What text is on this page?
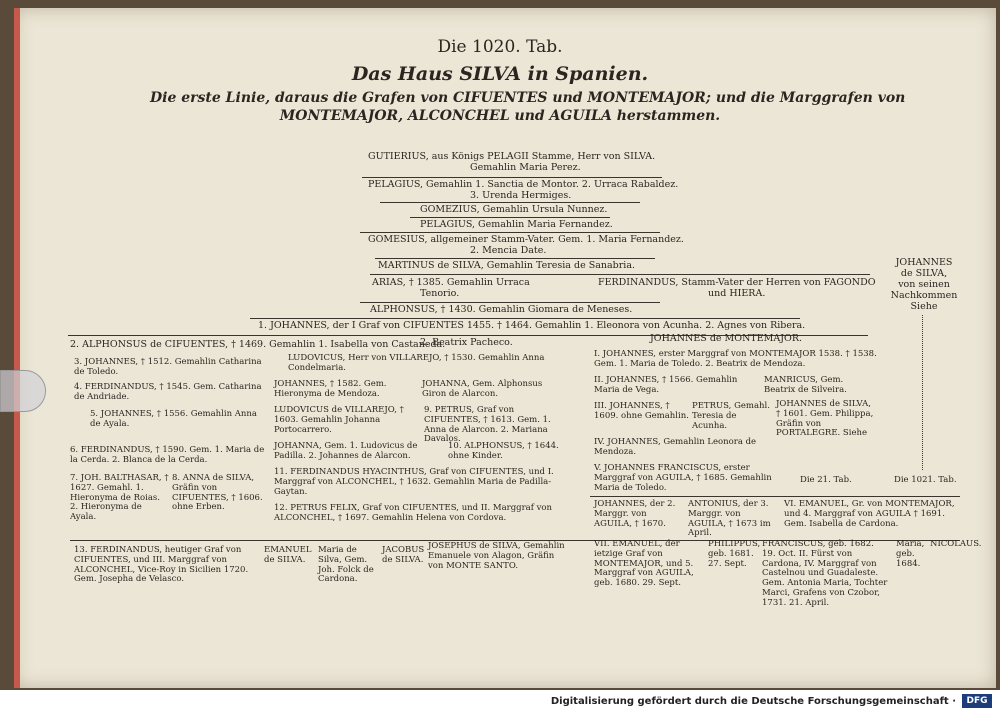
Die 1020. Tab.
Das Haus SILVA in Spanien.
Die erste Linie, daraus die Grafen von CIFUENTES und MONTEMAJOR; und die Marggrafen von
MONTEMAJOR, ALCONCHEL und AGUILA herstammen.
GUTIERIUS, aus Königs PELAGII Stamme, Herr von SILVA.
Gemahlin Maria Perez.
PELAGIUS, Gemahlin 1. Sanctia de Montor. 2. Urraca Rabaldez.
3. Urenda Hermiges.
GOMEZIUS, Gemahlin Ursula Nunnez.
PELAGIUS, Gemahlin Maria Fernandez.
GOMESIUS, allgemeiner Stamm-Vater. Gem. 1. Maria Fernandez.
2. Mencia Date.
MARTINUS de SILVA, Gemahlin Teresia de Sanabria.
ARIAS, † 1385. Gemahlin Urraca
Tenorio.
FERDINANDUS, Stamm-Vater der Herren von FAGONDO
und HIERA.
ALPHONSUS, † 1430. Gemahlin Giomara de Meneses.
1. JOHANNES, der I Graf von CIFUENTES 1455. † 1464. Gemahlin 1. Eleonora von Acunha. 2. Agnes von Ribera.
2. Beatrix Pacheco.
JOHANNES
de SILVA,
von seinen
Nachkommen
Siehe
2. ALPHONSUS de CIFUENTES, † 1469. Gemahlin 1. Isabella von Castaneda.
3. JOHANNES, † 1512. Gemahlin Catharina de Toledo.
4. FERDINANDUS, † 1545. Gem. Catharina de Andriade.
5. JOHANNES, † 1556. Gemahlin Anna de Ayala.
6. FERDINANDUS, † 1590. Gem. 1. Maria de la Cerda. 2. Blanca de la Cerda.
7. JOH. BALTHASAR, † 1627. Gemahl. 1. Hieronyma de Roias. 2. Hieronyma de Ayala.
8. ANNA de SILVA, Gräfin von CIFUENTES, † 1606. ohne Erben.
LUDOVICUS, Herr von VILLAREJO, † 1530. Gemahlin Anna Condelmaria.
JOHANNES, † 1582. Gem. Hieronyma de Mendoza.
JOHANNA, Gem. Alphonsus Giron de Alarcon.
LUDOVICUS de VILLAREJO, † 1603. Gemahlin Johanna Portocarrero.
9. PETRUS, Graf von CIFUENTES, † 1613. Gem. 1. Anna de Alarcon. 2. Mariana Davalos.
JOHANNA, Gem. 1. Ludovicus de Padilla. 2. Johannes de Alarcon.
10. ALPHONSUS, † 1644. ohne Kinder.
11. FERDINANDUS HYACINTHUS, Graf von CIFUENTES, und I. Marggraf von ALCONCHEL, † 1632. Gemahlin Maria de Padilla-Gaytan.
12. PETRUS FELIX, Graf von CIFUENTES, und II. Marggraf von ALCONCHEL, † 1697. Gemahlin Helena von Cordova.
JOHANNES de MONTEMAJOR.
I. JOHANNES, erster Marggraf von MONTEMAJOR 1538. † 1538. Gem. 1. Maria de Toledo. 2. Beatrix de Mendoza.
II. JOHANNES, † 1566. Gemahlin Maria de Vega.
MANRICUS, Gem. Beatrix de Silveira.
III. JOHANNES, † 1609. ohne Gemahlin.
PETRUS, Gemahl. Teresia de Acunha.
JOHANNES de SILVA, † 1601. Gem. Philippa, Gräfin von PORTALEGRE. Siehe
IV. JOHANNES, Gemahlin Leonora de Mendoza.
V. JOHANNES FRANCISCUS, erster Marggraf von AGUILA, † 1685. Gemahlin Maria de Toledo.
Die 21. Tab.	Die 1021. Tab.
JOHANNES, der 2. Marggr. von AGUILA, † 1670.
ANTONIUS, der 3. Marggr. von AGUILA, † 1673 im April.
VI. EMANUEL, Gr. von MONTEMAJOR, und 4. Marggraf von AGUILA † 1691. Gem. Isabella de Cardona.
13. FERDINANDUS, heutiger Graf von CIFUENTES, und III. Marggraf von ALCONCHEL, Vice-Roy in Sicilien 1720. Gem. Josepha de Velasco.
EMANUEL de SILVA.
Maria de Silva, Gem. Joh. Folck de Cardona.
JACOBUS de SILVA.
JOSEPHUS de SILVA, Gemahlin Emanuele von Alagon, Gräfin von MONTE SANTO.
VII. EMANUEL, der ietzige Graf von MONTEMAJOR, und 5. Marggraf von AGUILA, geb. 1680. 29. Sept.
PHILIPPUS, geb. 1681. 27. Sept.
FRANCISCUS, geb. 1682. 19. Oct. II. Fürst von Cardona, IV. Marggraf von Castelnou und Guadaleste. Gem. Antonia Maria, Tochter Marci, Grafens von Czobor, 1731. 21. April.
Maria, geb. 1684.
NICOLAUS.
Digitalisierung gefördert durch die Deutsche Forschungsgemeinschaft ·	DFG
